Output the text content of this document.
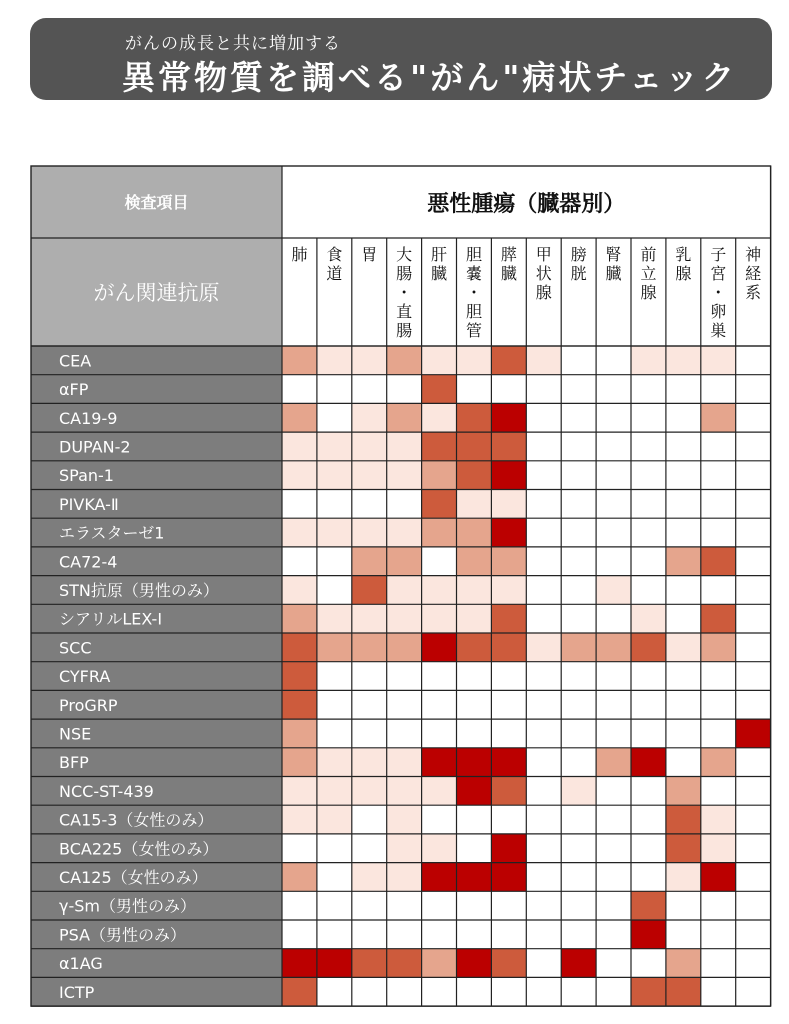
がんの成長と共に増加する
異常物質を調べる"がん"病状チェック
検査項目
がん関連抗原
悪性腫瘍（臓器別）
肺 食道
胃 大腸・直腸
肝臓
胆嚢・胆管
膵臓
甲状腺
膀胱
腎臓
前立腺
乳腺
子宮・卵巣
神経系
CEA
αFP
CA19-9
DUPAN-2
SPan-1
PIVKA-Ⅱ
エラスターゼ1
CA72-4
STN抗原（男性のみ）
シアリルLEX-I
SCC
CYFRA
ProGRP
NSE
BFP
NCC-ST-439
CA15-3（女性のみ）
BCA225（女性のみ）
CA125（女性のみ）
γ-Sm（男性のみ）
PSA（男性のみ）
α1AG
ICTP
